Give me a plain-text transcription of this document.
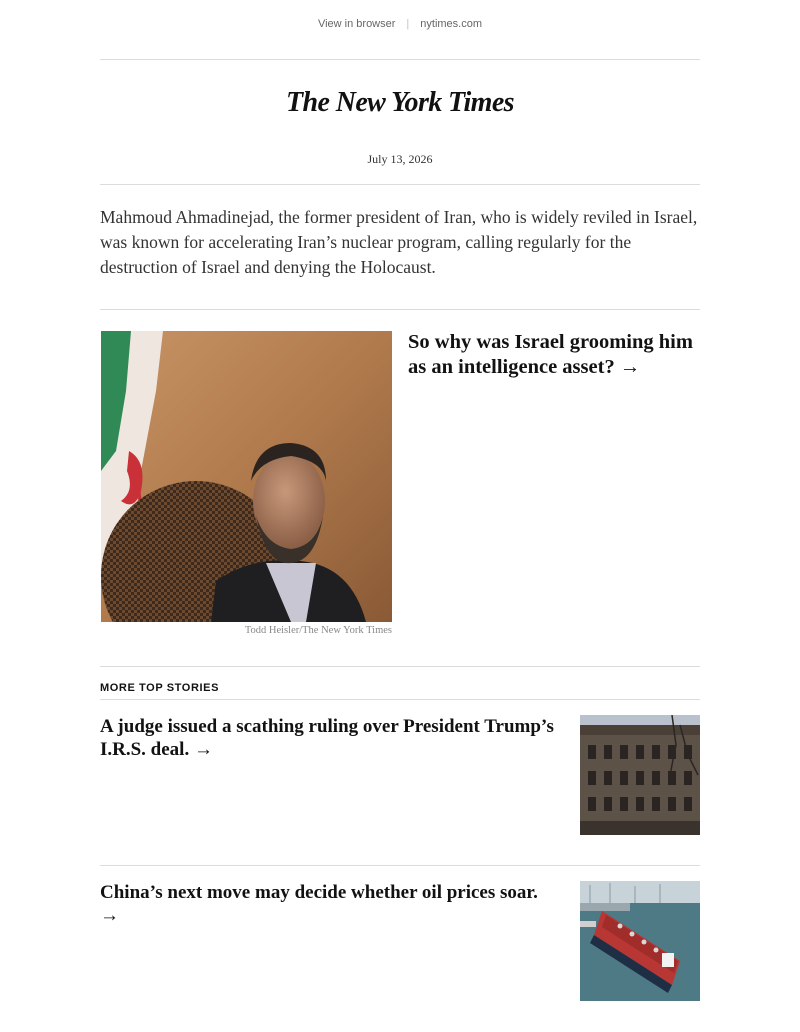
View in browser | nytimes.com
The New York Times
July 13, 2026
Mahmoud Ahmadinejad, the former president of Iran, who is widely reviled in Israel, was known for accelerating Iran’s nuclear program, calling regularly for the destruction of Israel and denying the Holocaust.
Todd Heisler/The New York Times
So why was Israel grooming him as an intelligence asset? →
MORE TOP STORIES
A judge issued a scathing ruling over President Trump’s I.R.S. deal. →
China’s next move may decide whether oil prices soar. →
